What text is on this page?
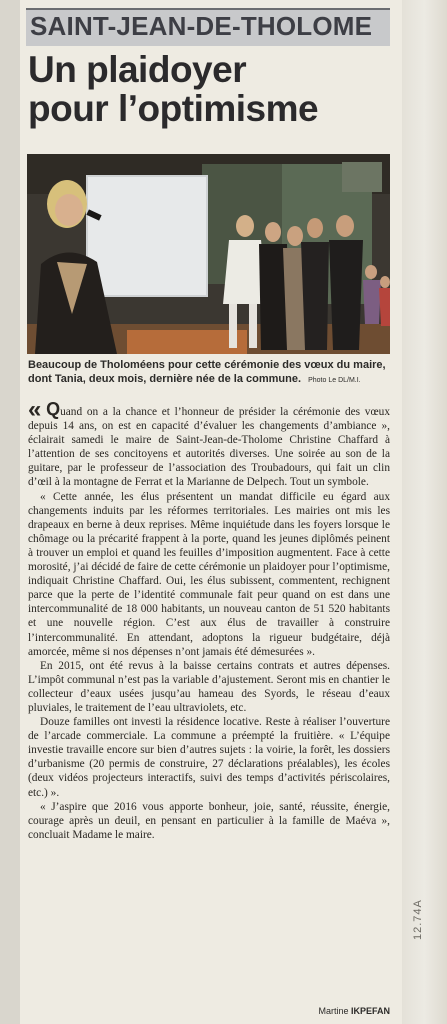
12.74A
SAINT-JEAN-DE-THOLOME
Un plaidoyer
pour l’optimisme

Beaucoup de Tholoméens pour cette cérémonie des vœux du maire, dont Tania, deux mois, dernière née de la commune. Photo Le DL/M.I.

« Quand on a la chance et l’honneur de présider la cérémonie des vœux depuis 14 ans, on est en capacité d’évaluer les changements d’ambiance », éclairait samedi le maire de Saint-Jean-de-Tholome Christine Chaffard à l’attention de ses concitoyens et autorités diverses. Une soirée au son de la guitare, par le professeur de l’association des Troubadours, qui fait un clin d’œil à la montagne de Ferrat et la Marianne de Delpech. Tout un symbole.

« Cette année, les élus présentent un mandat difficile eu égard aux changements induits par les réformes territoriales. Les mairies ont mis les drapeaux en berne à deux reprises. Même inquiétude dans les foyers lorsque le chômage ou la précarité frappent à la porte, quand les jeunes diplômés peinent à trouver un emploi et quand les feuilles d’imposition augmentent. Face à cette morosité, j’ai décidé de faire de cette cérémonie un plaidoyer pour l’optimisme, indiquait Christine Chaffard. Oui, les élus subissent, commentent, rechignent parce que la perte de l’identité communale fait peur quand on est dans une intercommunalité de 18 000 habitants, un nouveau canton de 51 520 habitants et une nouvelle région. C’est aux élus de travailler à construire l’intercommunalité. En attendant, adoptons la rigueur budgétaire, déjà amorcée, même si nos dépenses n’ont jamais été démesurées ».

En 2015, ont été revus à la baisse certains contrats et autres dépenses. L’impôt communal n’est pas la variable d’ajustement. Seront mis en chantier le collecteur d’eaux usées jusqu’au hameau des Syords, le réseau d’eaux pluviales, le traitement de l’eau ultraviolets, etc.

Douze familles ont investi la résidence locative. Reste à réaliser l’ouverture de l’arcade commerciale. La commune a préempté la fruitière. « L’équipe investie travaille encore sur bien d’autres sujets : la voirie, la forêt, les dossiers d’urbanisme (20 permis de construire, 27 déclarations préalables), les écoles (deux vidéos projecteurs interactifs, suivi des temps d’activités périscolaires, etc.) ».

« J’aspire que 2016 vous apporte bonheur, joie, santé, réussite, énergie, courage après un deuil, en pensant en particulier à la famille de Maéva », concluait Madame le maire.

Martine IKPEFAN
